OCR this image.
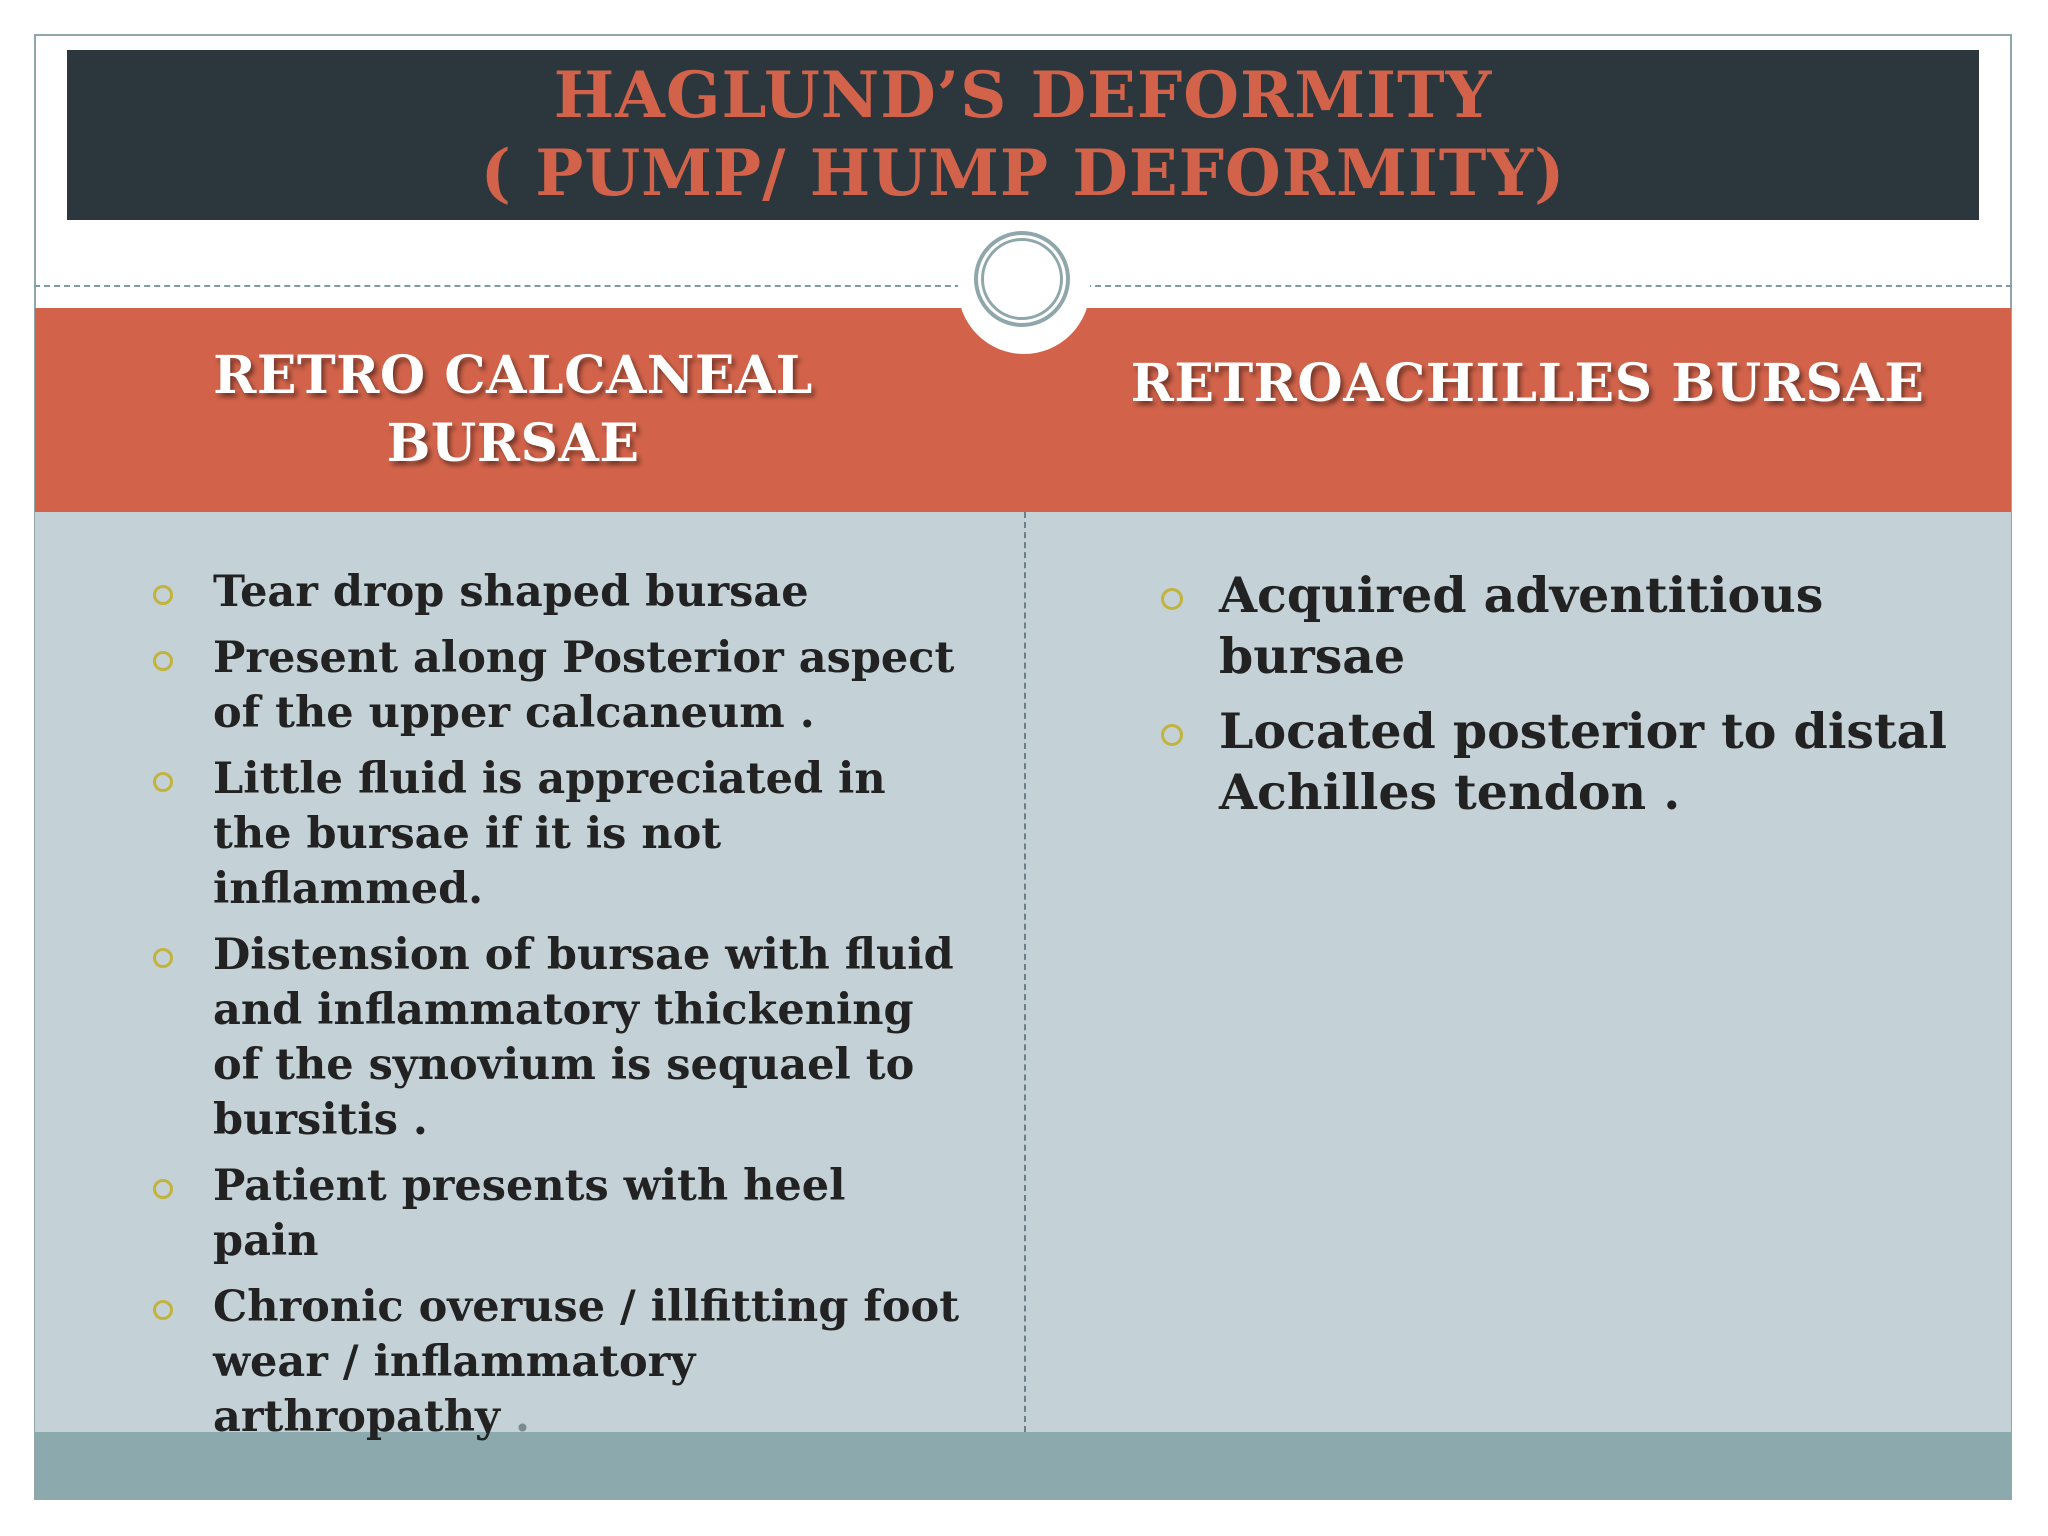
HAGLUND’S DEFORMITY
( PUMP/ HUMP DEFORMITY)
RETRO CALCANEAL BURSAE
RETROACHILLES BURSAE
Tear drop shaped bursae
Present along Posterior aspect of the upper calcaneum .
Little fluid is appreciated in the bursae if it is not inflammed.
Distension of bursae with fluid and inflammatory thickening of the synovium is sequael to bursitis .
Patient presents with heel pain
Chronic overuse / illfitting foot wear / inflammatory arthropathy .
Acquired adventitious bursae
Located posterior to distal Achilles tendon .
